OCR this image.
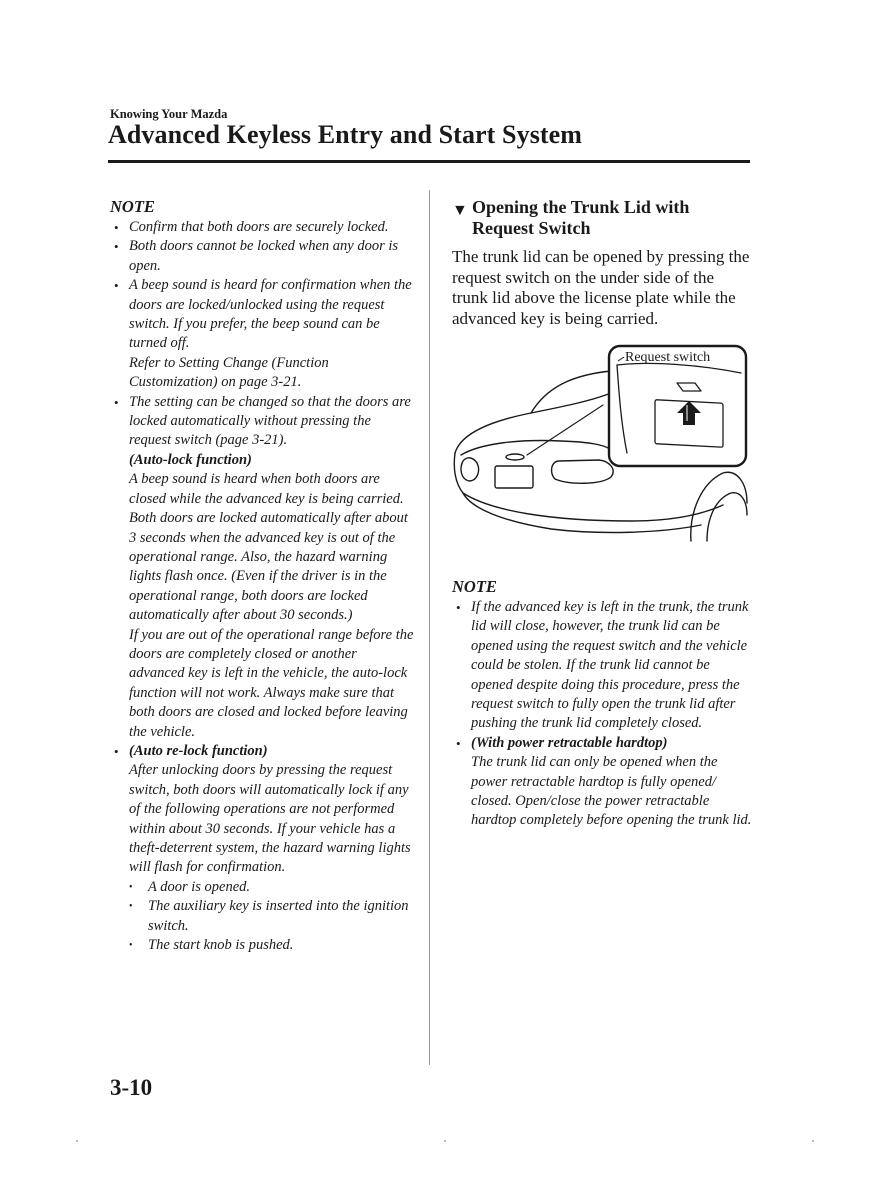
Knowing Your Mazda
Advanced Keyless Entry and Start System
NOTE
• Confirm that both doors are securely locked.
• Both doors cannot be locked when any door is open.
• A beep sound is heard for confirmation when the doors are locked/unlocked using the request switch. If you prefer, the beep sound can be turned off.
Refer to Setting Change (Function Customization) on page 3-21.
• The setting can be changed so that the doors are locked automatically without pressing the request switch (page 3-21).
(Auto-lock function)
A beep sound is heard when both doors are closed while the advanced key is being carried. Both doors are locked automatically after about 3 seconds when the advanced key is out of the operational range. Also, the hazard warning lights flash once. (Even if the driver is in the operational range, both doors are locked automatically after about 30 seconds.)
If you are out of the operational range before the doors are completely closed or another advanced key is left in the vehicle, the auto-lock function will not work. Always make sure that both doors are closed and locked before leaving the vehicle.
• (Auto re-lock function)
After unlocking doors by pressing the request switch, both doors will automatically lock if any of the following operations are not performed within about 30 seconds. If your vehicle has a theft-deterrent system, the hazard warning lights will flash for confirmation.
• A door is opened.
• The auxiliary key is inserted into the ignition switch.
• The start knob is pushed.
▼ Opening the Trunk Lid with
Request Switch

The trunk lid can be opened by pressing the request switch on the under side of the trunk lid above the license plate while the advanced key is being carried.

Request switch
NOTE
• If the advanced key is left in the trunk, the trunk lid will close, however, the trunk lid can be opened using the request switch and the vehicle could be stolen. If the trunk lid cannot be opened despite doing this procedure, press the request switch to fully open the trunk lid after pushing the trunk lid completely closed.
• (With power retractable hardtop)
The trunk lid can only be opened when the power retractable hardtop is fully opened/ closed. Open/close the power retractable hardtop completely before opening the trunk lid.
3-10
